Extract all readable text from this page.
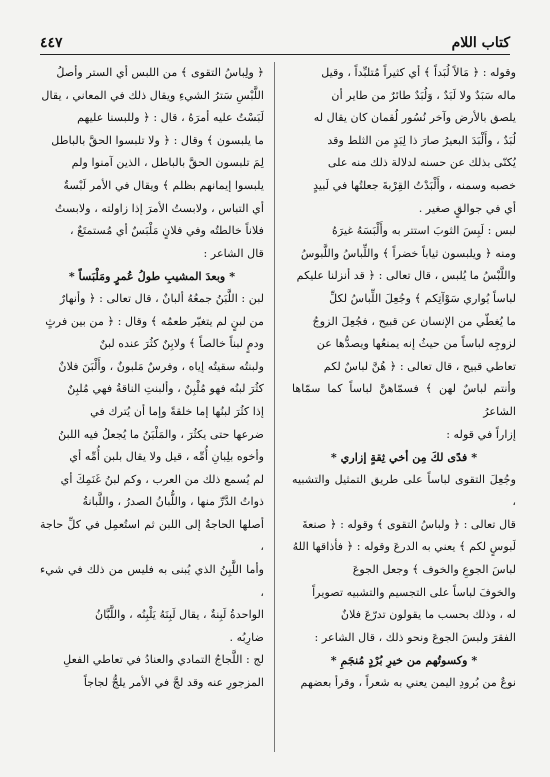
٤٤٧	كتاب اللام

وقوله : ﴿ مَالاً لُبَداً ﴾ أي كثيراً مُتلبِّداً ، وقيل

ماله سَبَدٌ ولا لَبَدٌ ، وَلُبَدٌ طائرٌ من طاير أن

يلصق بالأرض وآخر نُسُور لُقمان كان يقال له

لُبَدٌ ، وأَلْبَدَ البعيرُ صارَ ذا لِبَدٍ من الثلط وقد

يُكنّى بذلك عن حسنه لدلالة ذلك منه على

خصبه وسمنه ، وأَلْبَدْتُ القِرْبةَ جعلتُها في لَبيدٍ

أي في جوالقٍ صغير .

لبس : لَبِسَ الثوبَ استتر به وأَلْبَسَهُ غيرَهُ

ومنه ﴿ ويلبسون ثياباً خضراً ﴾ واللِّباسُ واللَّبوسُ

واللَّبْسُ ما يُلبس ، قال تعالى : ﴿ قد أنزلنا عليكم

لباساً يُواري سَوْآتِكم ﴾ وجُعِلَ اللِّباسُ لكلِّ

ما يُغطّي من الإنسان عن قبيح ، فجُعِلَ الزوجُ

لزوجِه لباساً من حيثُ إنه يمنعُها ويصدُّها عن

تعاطي قبيح ، قال تعالى : ﴿ هُنَّ لباسٌ لكم

وأنتم لباسٌ لهن ﴾ فسمّاهنَّ لباساً كما سمّاها الشاعرُ

إزاراً في قوله :

* فدًى لكَ مِن أخي ثِقةٍ إزاري *

وجُعِلَ التقوى لباساً على طريق التمثيل والتشبيه ،

قال تعالى : ﴿ ولباسُ التقوى ﴾ وقوله : ﴿ صنعةَ

لَبوسٍ لكم ﴾ يعني به الدرعَ وقوله : ﴿ فأذاقها اللهُ

لباسَ الجوعِ والخوف ﴾ وجعل الجوعَ

والخوفَ لباساً على التجسيم والتشبيه تصويراً

له ، وذلك بحسب ما يقولون تدرّعَ فلانٌ

الفقرَ ولبسَ الجوعَ ونحو ذلك ، قال الشاعر :

* وكسوتُهم من خيرِ بُرْدٍ مُنجَمِ *

نوعٌ من بُرودِ اليمن يعني به شعراً ، وقرأ بعضهم

﴿ ولِباسُ التقوى ﴾ من اللبس أي الستر وأصلُ

اللَّبْسِ سَترُ الشيءِ ويقال ذلك في المعاني ، يقال

لَبَسْتُ عليه أمرَهُ ، قال : ﴿ وللبسنا عليهم

ما يلبسون ﴾ وقال : ﴿ ولا تلبسوا الحقَّ بالباطل

لِمَ تلبسون الحقَّ بالباطل ، الذين آمنوا ولم

يلبسوا إيمانهم بظلم ﴾ ويقال في الأمر لَبْسةٌ

أي التباس ، ولابستُ الأمرَ إذا زاولته ، ولابستُ

فلاناً خالطتُه وفي فلانٍ مَلْبَسٌ أي مُستمتَعٌ ،

قال الشاعر :

* وبعدَ المشيبِ طولُ عُمرٍ ومَلْبَساً *

لبن : اللَّبَنُ جمعُهُ ألبانٌ ، قال تعالى : ﴿ وأنهارٌ

من لبنٍ لم يتغيّر طعمُه ﴾ وقال : ﴿ من بين فرثٍ

ودمٍ لبناً خالصاً ﴾ ولابِنٌ كثُرَ عنده لبنٌ

ولبنتُه سقيتُه إياه ، وفرسٌ مَلبونٌ ، وأَلْبَنَ فلانٌ

كثُرَ لبنُه فهو مُلْبِنٌ ، وألبنتِ الناقةُ فهي مُلبِنٌ

إذا كثُرَ لبنُها إما خلقةً وإما أن يُترك في

ضرعها حتى يكثُرَ ، والمَلْبَنُ ما يُجعلُ فيه اللبنُ

وأخوه بلِبانِ أُمِّه ، قيل ولا يقال بلبن أُمِّه أي

لم يُسمع ذلك من العرب ، وكم لبنُ غَنَمِكَ أي

ذواتُ الدَّرِّ منها ، واللُّبانُ الصدرُ ، واللَّبانةُ

أصلها الحاجةُ إلى اللبن ثم استُعمِل في كلِّ حاجة ،

وأما اللَّبِنُ الذي يُبنى به فليس من ذلك في شيء ،

الواحدةُ لَبِنةٌ ، يقال لَبِنَهُ يَلْبِنُه ، واللَّبَّانُ

ضارِبُه .

لج : اللَّجاجُ التمادي والعنادُ في تعاطي الفعلِ

المزجورِ عنه وقد لجَّ في الأمر يلجُّ لجاجاً
